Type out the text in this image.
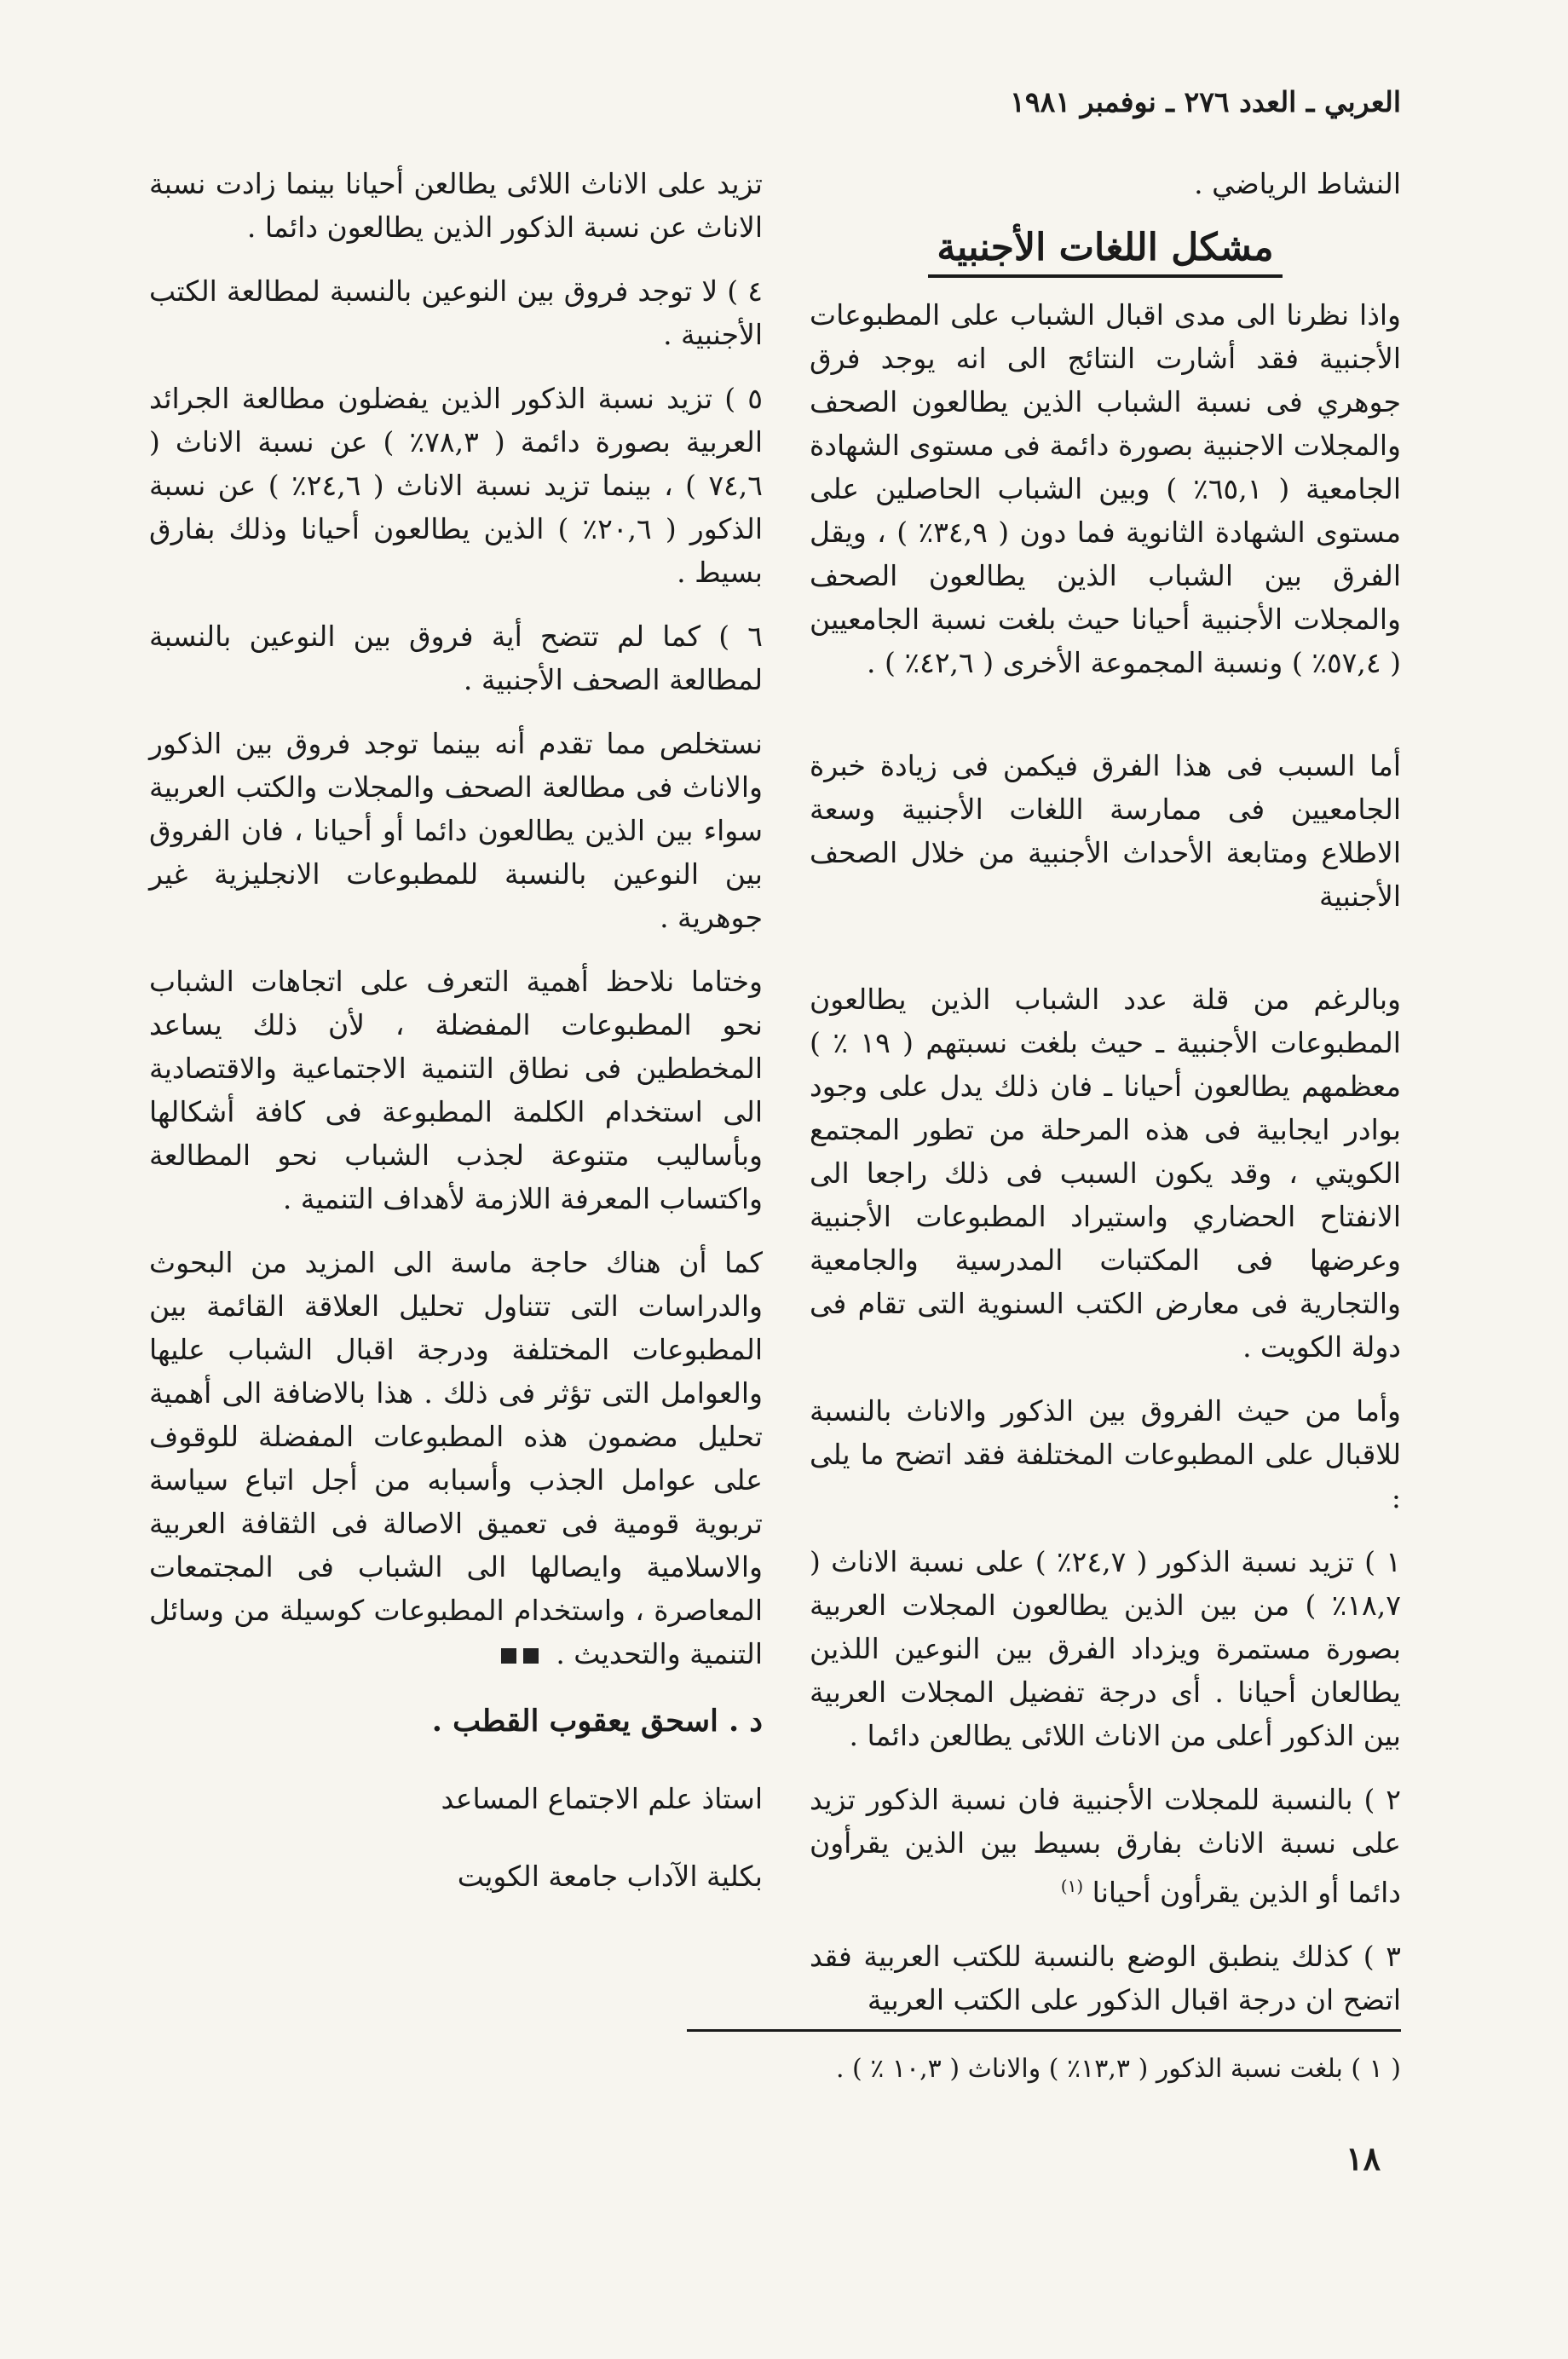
العربي ـ العدد ٢٧٦ ـ نوفمبر ١٩٨١

النشاط الرياضي .

مشكل اللغات الأجنبية

واذا نظرنا الى مدى اقبال الشباب على المطبوعات الأجنبية فقد أشارت النتائج الى انه يوجد فرق جوهري فى نسبة الشباب الذين يطالعون الصحف والمجلات الاجنبية بصورة دائمة فى مستوى الشهادة الجامعية ( ٦٥,١٪ ) وبين الشباب الحاصلين على مستوى الشهادة الثانوية فما دون ( ٣٤,٩٪ ) ، ويقل الفرق بين الشباب الذين يطالعون الصحف والمجلات الأجنبية أحيانا حيث بلغت نسبة الجامعيين ( ٥٧,٤٪ ) ونسبة المجموعة الأخرى ( ٤٢,٦٪ ) .

أما السبب فى هذا الفرق فيكمن فى زيادة خبرة الجامعيين فى ممارسة اللغات الأجنبية وسعة الاطلاع ومتابعة الأحداث الأجنبية من خلال الصحف الأجنبية

وبالرغم من قلة عدد الشباب الذين يطالعون المطبوعات الأجنبية ـ حيث بلغت نسبتهم ( ١٩ ٪ ) معظمهم يطالعون أحيانا ـ فان ذلك يدل على وجود بوادر ايجابية فى هذه المرحلة من تطور المجتمع الكويتي ، وقد يكون السبب فى ذلك راجعا الى الانفتاح الحضاري واستيراد المطبوعات الأجنبية وعرضها فى المكتبات المدرسية والجامعية والتجارية فى معارض الكتب السنوية التى تقام فى دولة الكويت .

وأما من حيث الفروق بين الذكور والاناث بالنسبة للاقبال على المطبوعات المختلفة فقد اتضح ما يلى :

١ ) تزيد نسبة الذكور ( ٢٤,٧٪ ) على نسبة الاناث ( ١٨,٧٪ ) من بين الذين يطالعون المجلات العربية بصورة مستمرة ويزداد الفرق بين النوعين اللذين يطالعان أحيانا . أى درجة تفضيل المجلات العربية بين الذكور أعلى من الاناث اللائى يطالعن دائما .

٢ ) بالنسبة للمجلات الأجنبية فان نسبة الذكور تزيد على نسبة الاناث بفارق بسيط بين الذين يقرأون دائما أو الذين يقرأون أحيانا $^{(١)}$

٣ ) كذلك ينطبق الوضع بالنسبة للكتب العربية فقد اتضح ان درجة اقبال الذكور على الكتب العربية

تزيد على الاناث اللائى يطالعن أحيانا بينما زادت نسبة الاناث عن نسبة الذكور الذين يطالعون دائما .

٤ ) لا توجد فروق بين النوعين بالنسبة لمطالعة الكتب الأجنبية .

٥ ) تزيد نسبة الذكور الذين يفضلون مطالعة الجرائد العربية بصورة دائمة ( ٧٨,٣٪ ) عن نسبة الاناث ( ٧٤,٦ ) ، بينما تزيد نسبة الاناث ( ٢٤,٦٪ ) عن نسبة الذكور ( ٢٠,٦٪ ) الذين يطالعون أحيانا وذلك بفارق بسيط .

٦ ) كما لم تتضح أية فروق بين النوعين بالنسبة لمطالعة الصحف الأجنبية .

نستخلص مما تقدم أنه بينما توجد فروق بين الذكور والاناث فى مطالعة الصحف والمجلات والكتب العربية سواء بين الذين يطالعون دائما أو أحيانا ، فان الفروق بين النوعين بالنسبة للمطبوعات الانجليزية غير جوهرية .

وختاما نلاحظ أهمية التعرف على اتجاهات الشباب نحو المطبوعات المفضلة ، لأن ذلك يساعد المخططين فى نطاق التنمية الاجتماعية والاقتصادية الى استخدام الكلمة المطبوعة فى كافة أشكالها وبأساليب متنوعة لجذب الشباب نحو المطالعة واكتساب المعرفة اللازمة لأهداف التنمية .

كما أن هناك حاجة ماسة الى المزيد من البحوث والدراسات التى تتناول تحليل العلاقة القائمة بين المطبوعات المختلفة ودرجة اقبال الشباب عليها والعوامل التى تؤثر فى ذلك . هذا بالاضافة الى أهمية تحليل مضمون هذه المطبوعات المفضلة للوقوف على عوامل الجذب وأسبابه من أجل اتباع سياسة تربوية قومية فى تعميق الاصالة فى الثقافة العربية والاسلامية وايصالها الى الشباب فى المجتمعات المعاصرة ، واستخدام المطبوعات كوسيلة من وسائل التنمية والتحديث .

د . اسحق يعقوب القطب .
استاذ علم الاجتماع المساعد
بكلية الآداب جامعة الكويت
( ١ ) بلغت نسبة الذكور ( ١٣,٣٪ ) والاناث ( ١٠,٣ ٪ ) .
١٨
